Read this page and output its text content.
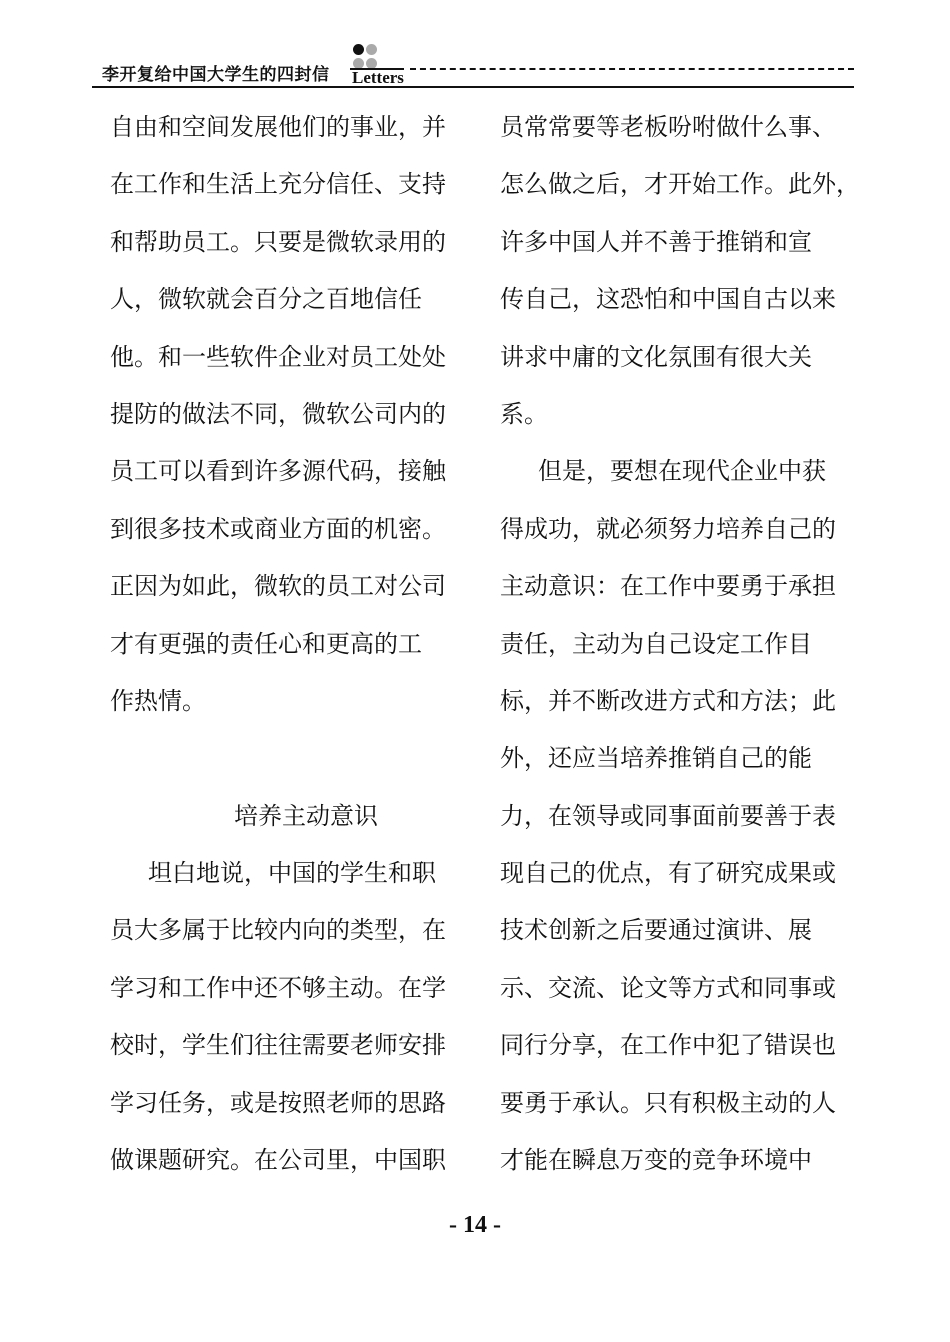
李开复给中国大学生的四封信 Letters
自由和空间发展他们的事业，并
在工作和生活上充分信任、支持
和帮助员工。只要是微软录用的
人，微软就会百分之百地信任
他。和一些软件企业对员工处处
提防的做法不同，微软公司内的
员工可以看到许多源代码，接触
到很多技术或商业方面的机密。
正因为如此，微软的员工对公司
才有更强的责任心和更高的工
作热情。
培养主动意识
坦白地说，中国的学生和职
员大多属于比较内向的类型，在
学习和工作中还不够主动。在学
校时，学生们往往需要老师安排
学习任务，或是按照老师的思路
做课题研究。在公司里，中国职
员常常要等老板吩咐做什么事、
怎么做之后，才开始工作。此外，
许多中国人并不善于推销和宣
传自己，这恐怕和中国自古以来
讲求中庸的文化氛围有很大关
系。
但是，要想在现代企业中获
得成功，就必须努力培养自己的
主动意识：在工作中要勇于承担
责任，主动为自己设定工作目
标，并不断改进方式和方法；此
外，还应当培养推销自己的能
力，在领导或同事面前要善于表
现自己的优点，有了研究成果或
技术创新之后要通过演讲、展
示、交流、论文等方式和同事或
同行分享，在工作中犯了错误也
要勇于承认。只有积极主动的人
才能在瞬息万变的竞争环境中
- 14 -
